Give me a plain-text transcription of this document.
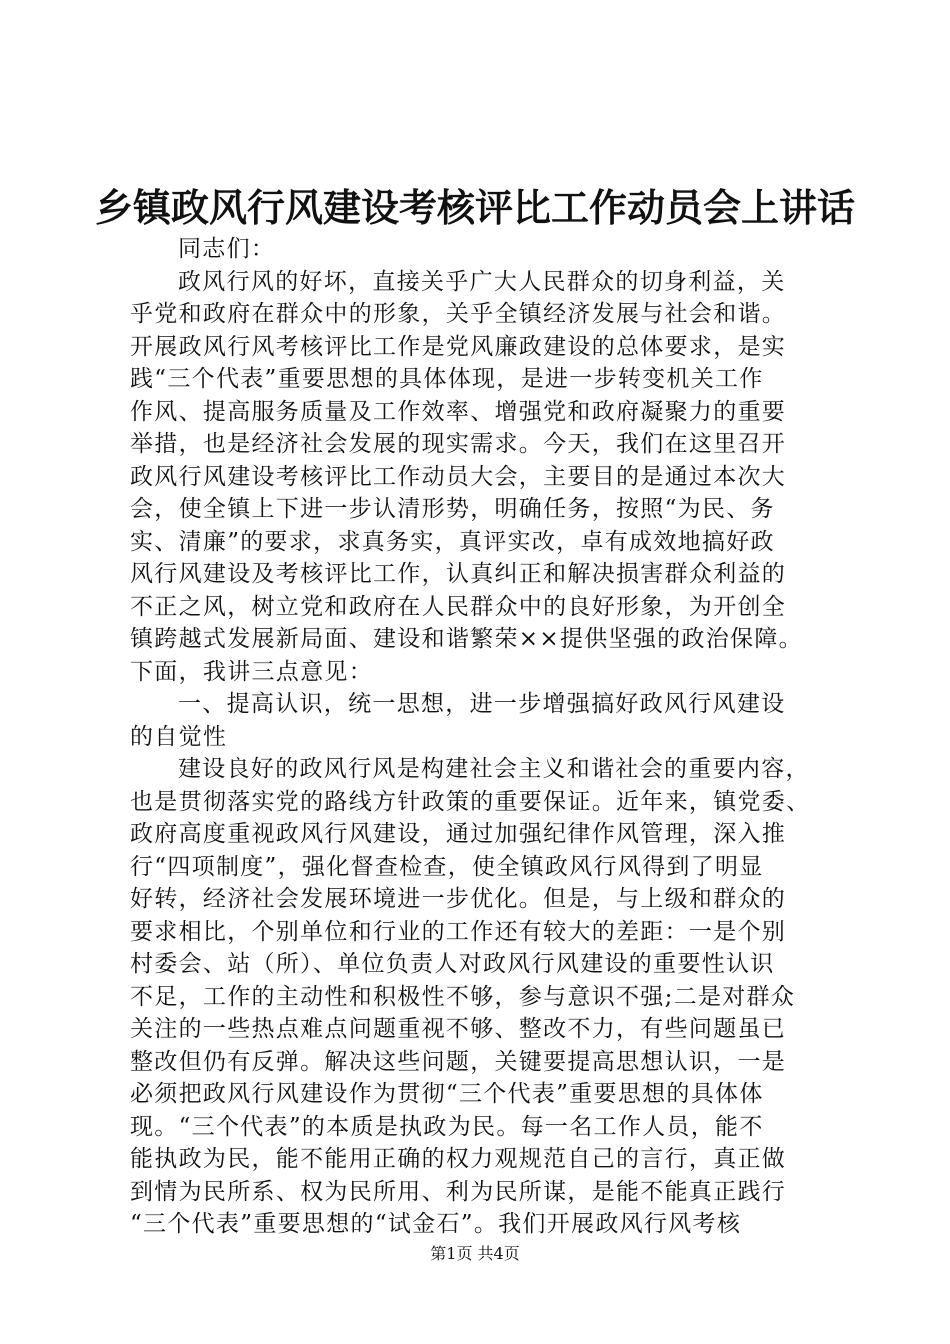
乡镇政风行风建设考核评比工作动员会上讲话
同志们：
政风行风的好坏，直接关乎广大人民群众的切身利益，关
乎党和政府在群众中的形象，关乎全镇经济发展与社会和谐。
开展政风行风考核评比工作是党风廉政建设的总体要求，是实
践“三个代表”重要思想的具体体现，是进一步转变机关工作
作风、提高服务质量及工作效率、增强党和政府凝聚力的重要
举措，也是经济社会发展的现实需求。今天，我们在这里召开
政风行风建设考核评比工作动员大会，主要目的是通过本次大
会，使全镇上下进一步认清形势，明确任务，按照“为民、务
实、清廉”的要求，求真务实，真评实改，卓有成效地搞好政
风行风建设及考核评比工作，认真纠正和解决损害群众利益的
不正之风，树立党和政府在人民群众中的良好形象，为开创全
镇跨越式发展新局面、建设和谐繁荣××提供坚强的政治保障。
下面，我讲三点意见：
一、提高认识，统一思想，进一步增强搞好政风行风建设
的自觉性
建设良好的政风行风是构建社会主义和谐社会的重要内容，
也是贯彻落实党的路线方针政策的重要保证。近年来，镇党委、
政府高度重视政风行风建设，通过加强纪律作风管理，深入推
行“四项制度”，强化督查检查，使全镇政风行风得到了明显
好转，经济社会发展环境进一步优化。但是，与上级和群众的
要求相比，个别单位和行业的工作还有较大的差距：一是个别
村委会、站（所）、单位负责人对政风行风建设的重要性认识
不足，工作的主动性和积极性不够，参与意识不强;二是对群众
关注的一些热点难点问题重视不够、整改不力，有些问题虽已
整改但仍有反弹。解决这些问题，关键要提高思想认识，一是
必须把政风行风建设作为贯彻“三个代表”重要思想的具体体
现。“三个代表”的本质是执政为民。每一名工作人员，能不
能执政为民，能不能用正确的权力观规范自己的言行，真正做
到情为民所系、权为民所用、利为民所谋，是能不能真正践行
“三个代表”重要思想的“试金石”。我们开展政风行风考核
第1页 共4页
